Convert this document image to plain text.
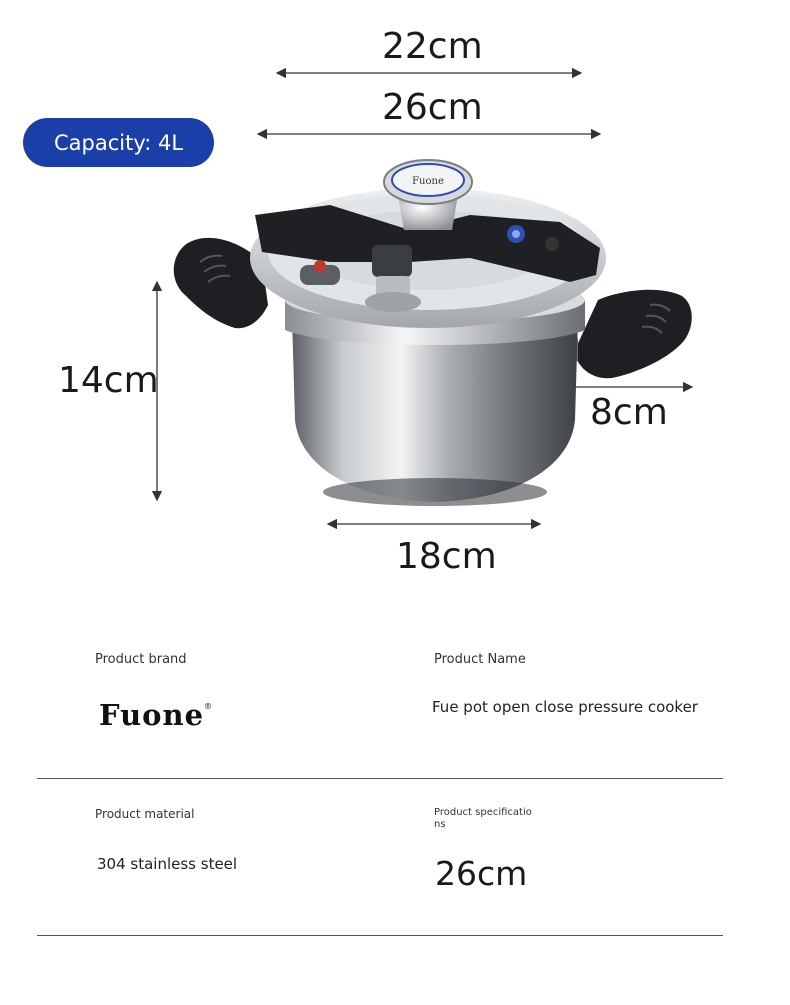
Capacity: 4L
22cm
26cm
14cm
8cm
18cm
Fuone
Product brand	Product Name
Fuone®	Fue pot open close pressure cooker
Product material	Product specificatio
ns
304 stainless steel	26cm
